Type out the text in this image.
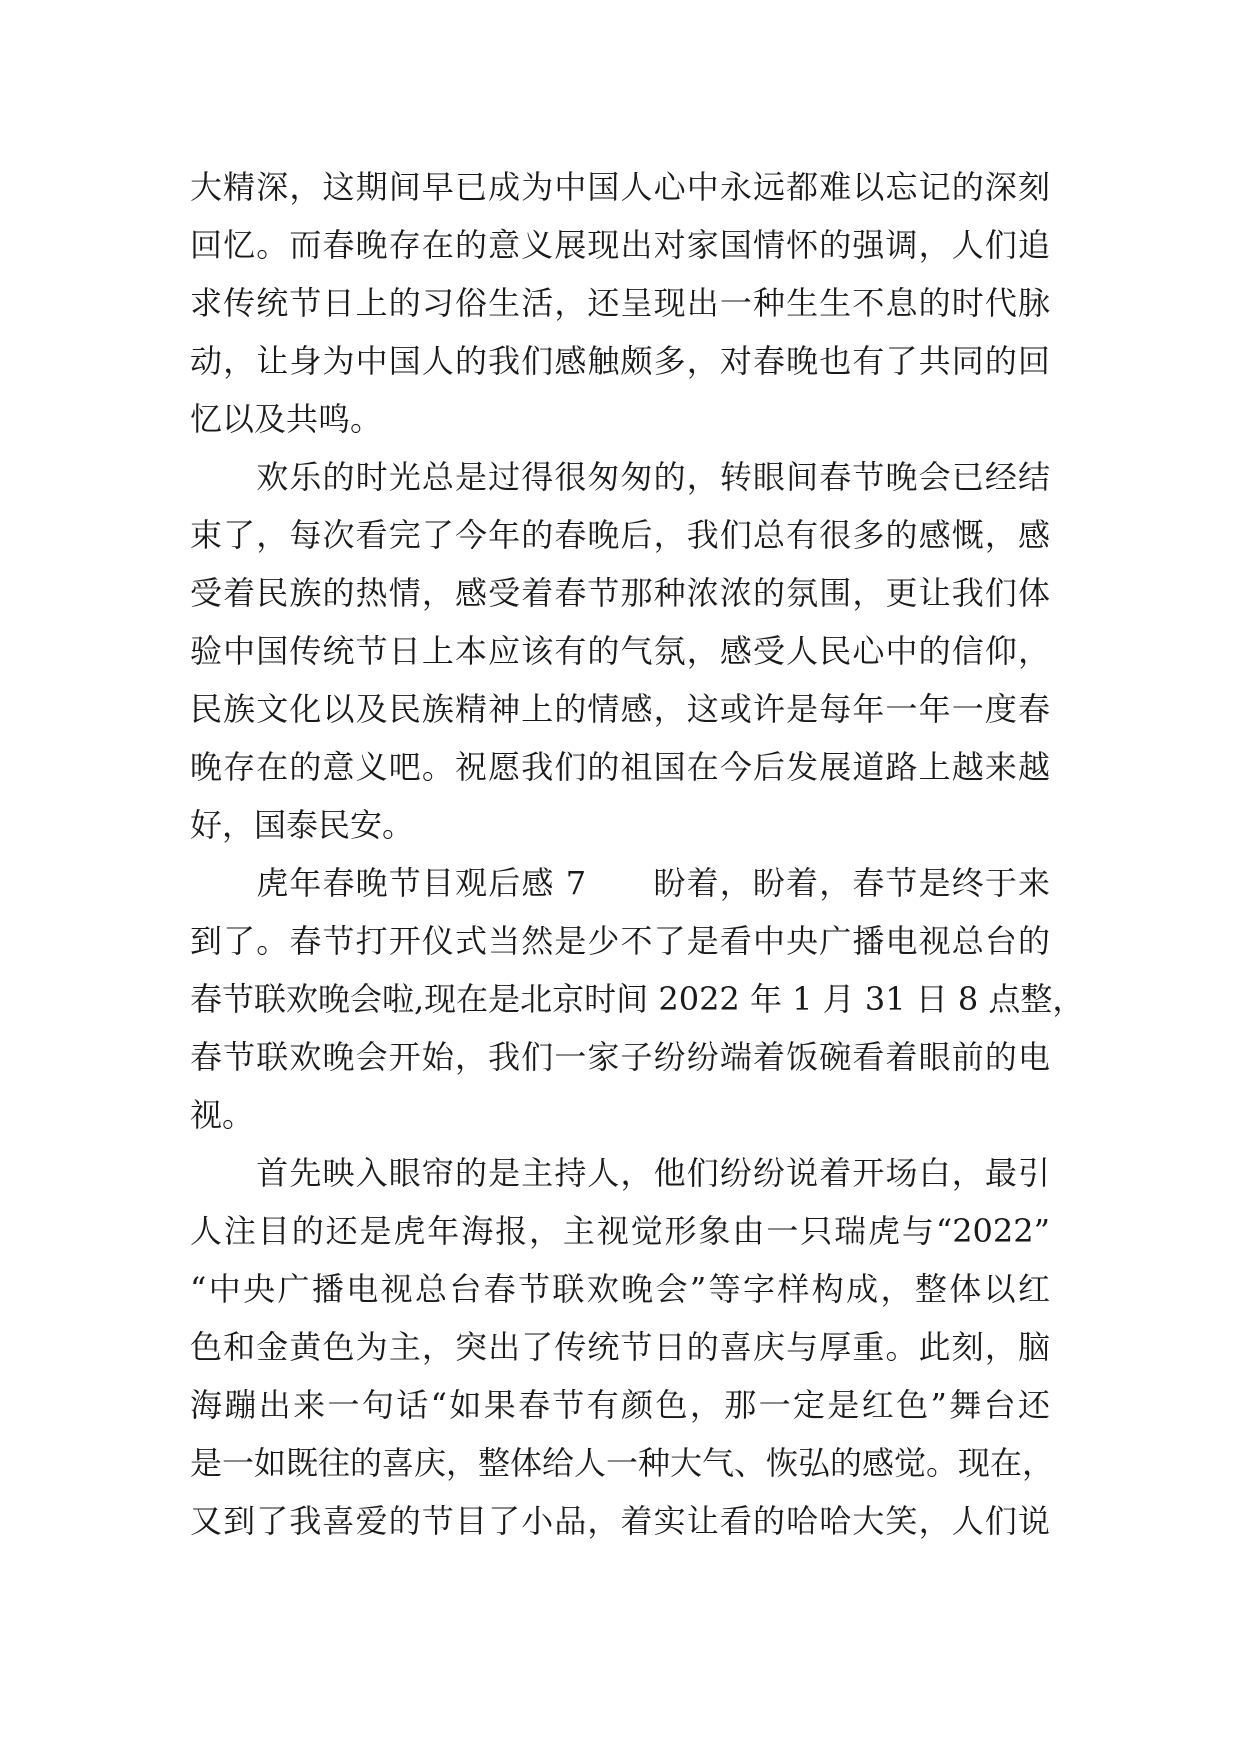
大精深，这期间早已成为中国人心中永远都难以忘记的深刻
回忆。而春晚存在的意义展现出对家国情怀的强调，人们追
求传统节日上的习俗生活，还呈现出一种生生不息的时代脉
动，让身为中国人的我们感触颇多，对春晚也有了共同的回
忆以及共鸣。
　　欢乐的时光总是过得很匆匆的，转眼间春节晚会已经结
束了，每次看完了今年的春晚后，我们总有很多的感慨，感
受着民族的热情，感受着春节那种浓浓的氛围，更让我们体
验中国传统节日上本应该有的气氛，感受人民心中的信仰，
民族文化以及民族精神上的情感，这或许是每年一年一度春
晚存在的意义吧。祝愿我们的祖国在今后发展道路上越来越
好，国泰民安。
　　虎年春晚节目观后感 7　　盼着，盼着，春节是终于来
到了。春节打开仪式当然是少不了是看中央广播电视总台的
春节联欢晚会啦,现在是北京时间 2022 年 1 月 31 日 8 点整，
春节联欢晚会开始，我们一家子纷纷端着饭碗看着眼前的电
视。
　　首先映入眼帘的是主持人，他们纷纷说着开场白，最引
人注目的还是虎年海报，主视觉形象由一只瑞虎与“2022”
“中央广播电视总台春节联欢晚会”等字样构成，整体以红
色和金黄色为主，突出了传统节日的喜庆与厚重。此刻，脑
海蹦出来一句话“如果春节有颜色，那一定是红色”舞台还
是一如既往的喜庆，整体给人一种大气、恢弘的感觉。现在，
又到了我喜爱的节目了小品，着实让看的哈哈大笑，人们说
